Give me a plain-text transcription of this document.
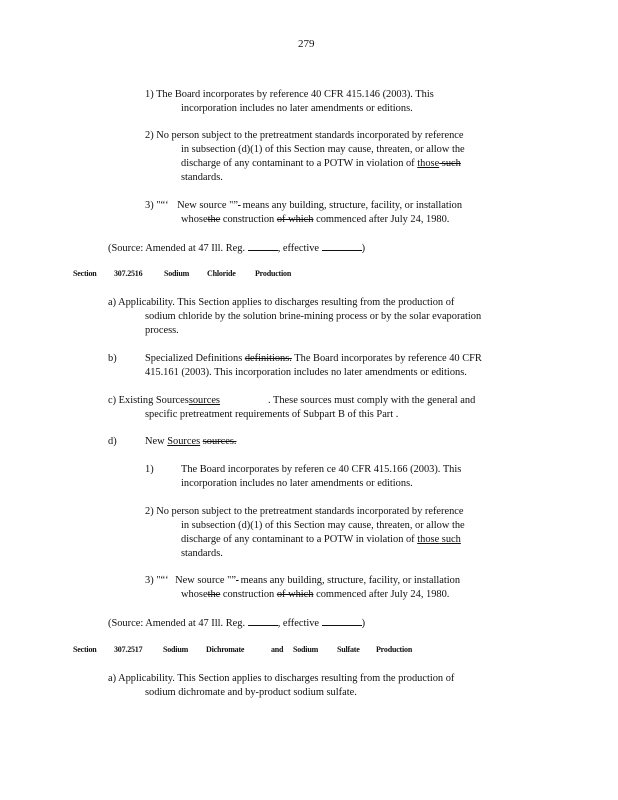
279
1) The Board incorporates by reference 40 CFR 415.146 (2003). This
incorporation includes no later amendments or editions.
2) No person subject to the pretreatment standards incorporated by reference
in subsection (d)(1) of this Section may cause, threaten, or allow the
discharge of any contaminant to a POTW in violation of those such
standards.
3) "“‘ New source "” means any building, structure, facility, or installation
whosethe construction of which commenced after July 24, 1980.
(Source: Amended at 47 Ill. Reg.	, effective	)
Section 307.2516	Sodium Chloride Production
a) Applicability. This Section applies to discharges resulting from the production of
sodium chloride by the solution brine-mining process or by the solar evaporation
process.
b)	Specialized Definitions definitions. The Board incorporates by reference 40 CFR
415.161 (2003). This incorporation includes no later amendments or editions.
c) Existing Sourcessources	. These sources must comply with the general and
specific pretreatment requirements of Subpart B of this Part .
d)	New Sources sources.
1)	The Board incorporates by referen ce 40 CFR 415.166 (2003). This
incorporation includes no later amendments or editions.
2) No person subject to the pretreatment standards incorporated by reference
in subsection (d)(1) of this Section may cause, threaten, or allow the
discharge of any contaminant to a POTW in violation of those such
standards.
3) "“‘ New source "” means any building, structure, facility, or installation
whosethe construction of which commenced after July 24, 1980.
(Source: Amended at 47 Ill. Reg.	, effective	)
Section 307.2517	Sodium Dichromate	and Sodium Sulfate Production
a) Applicability. This Section applies to discharges resulting from the production of
sodium dichromate and by-product sodium sulfate.
